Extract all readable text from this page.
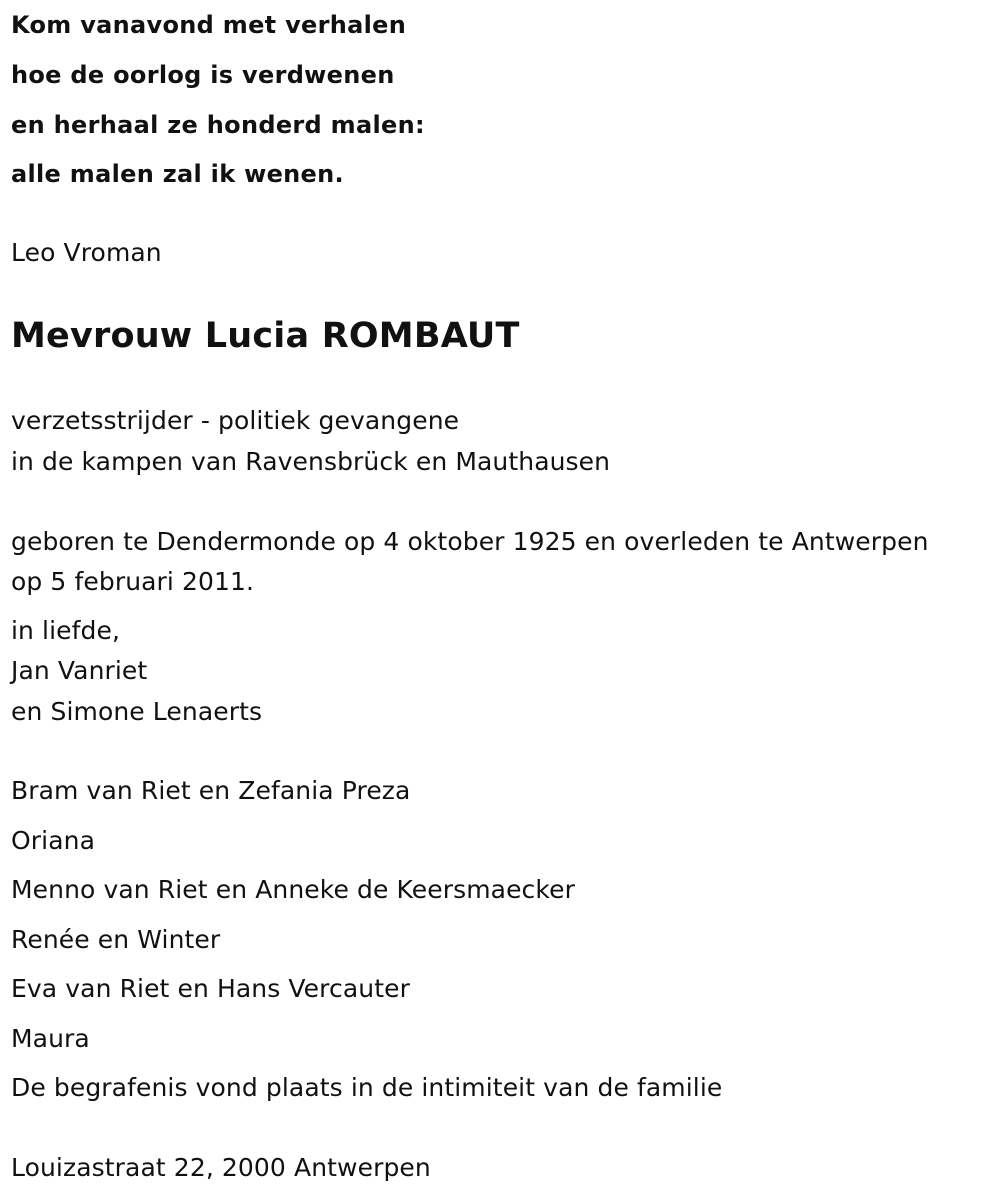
Kom vanavond met verhalen
hoe de oorlog is verdwenen
en herhaal ze honderd malen:
alle malen zal ik wenen.
Leo Vroman
Mevrouw Lucia ROMBAUT
verzetsstrijder - politiek gevangene
in de kampen van Ravensbrück en Mauthausen
geboren te Dendermonde op 4 oktober 1925 en overleden te Antwerpen
op 5 februari 2011.
in liefde,
Jan Vanriet
en Simone Lenaerts
Bram van Riet en Zefania Preza
Oriana
Menno van Riet en Anneke de Keersmaecker
Renée en Winter
Eva van Riet en Hans Vercauter
Maura
De begrafenis vond plaats in de intimiteit van de familie
Louizastraat 22, 2000 Antwerpen
